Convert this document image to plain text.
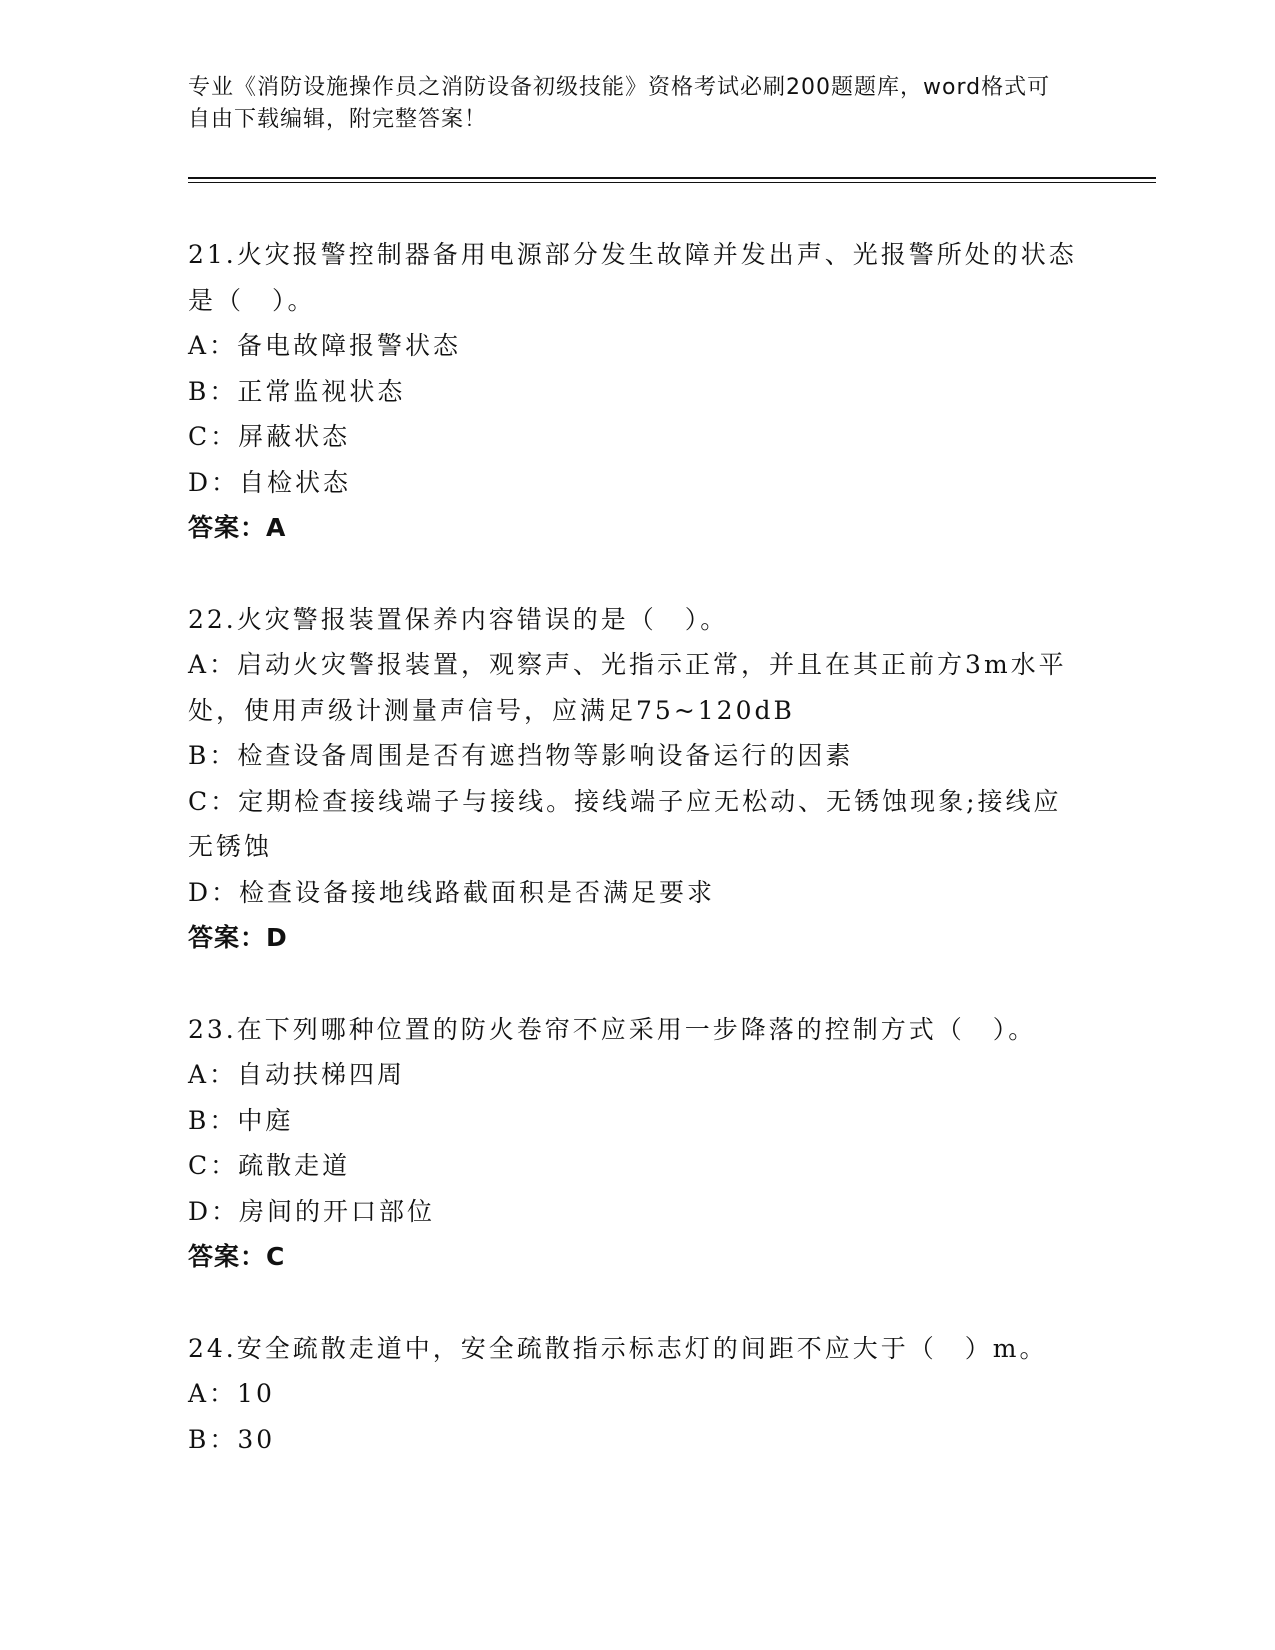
专业《消防设施操作员之消防设备初级技能》资格考试必刷200题题库，word格式可自由下载编辑，附完整答案！

21.火灾报警控制器备用电源部分发生故障并发出声、光报警所处的状态是（　）。

A：备电故障报警状态

B：正常监视状态

C：屏蔽状态

D：自检状态

答案：A

22.火灾警报装置保养内容错误的是（　）。

A：启动火灾警报装置，观察声、光指示正常，并且在其正前方3m水平处，使用声级计测量声信号，应满足75~120dB

B：检查设备周围是否有遮挡物等影响设备运行的因素

C：定期检查接线端子与接线。接线端子应无松动、无锈蚀现象;接线应无锈蚀

D：检查设备接地线路截面积是否满足要求

答案：D

23.在下列哪种位置的防火卷帘不应采用一步降落的控制方式（　）。

A：自动扶梯四周

B：中庭

C：疏散走道

D：房间的开口部位

答案：C

24.安全疏散走道中，安全疏散指示标志灯的间距不应大于（　）m。

A：10

B：30
